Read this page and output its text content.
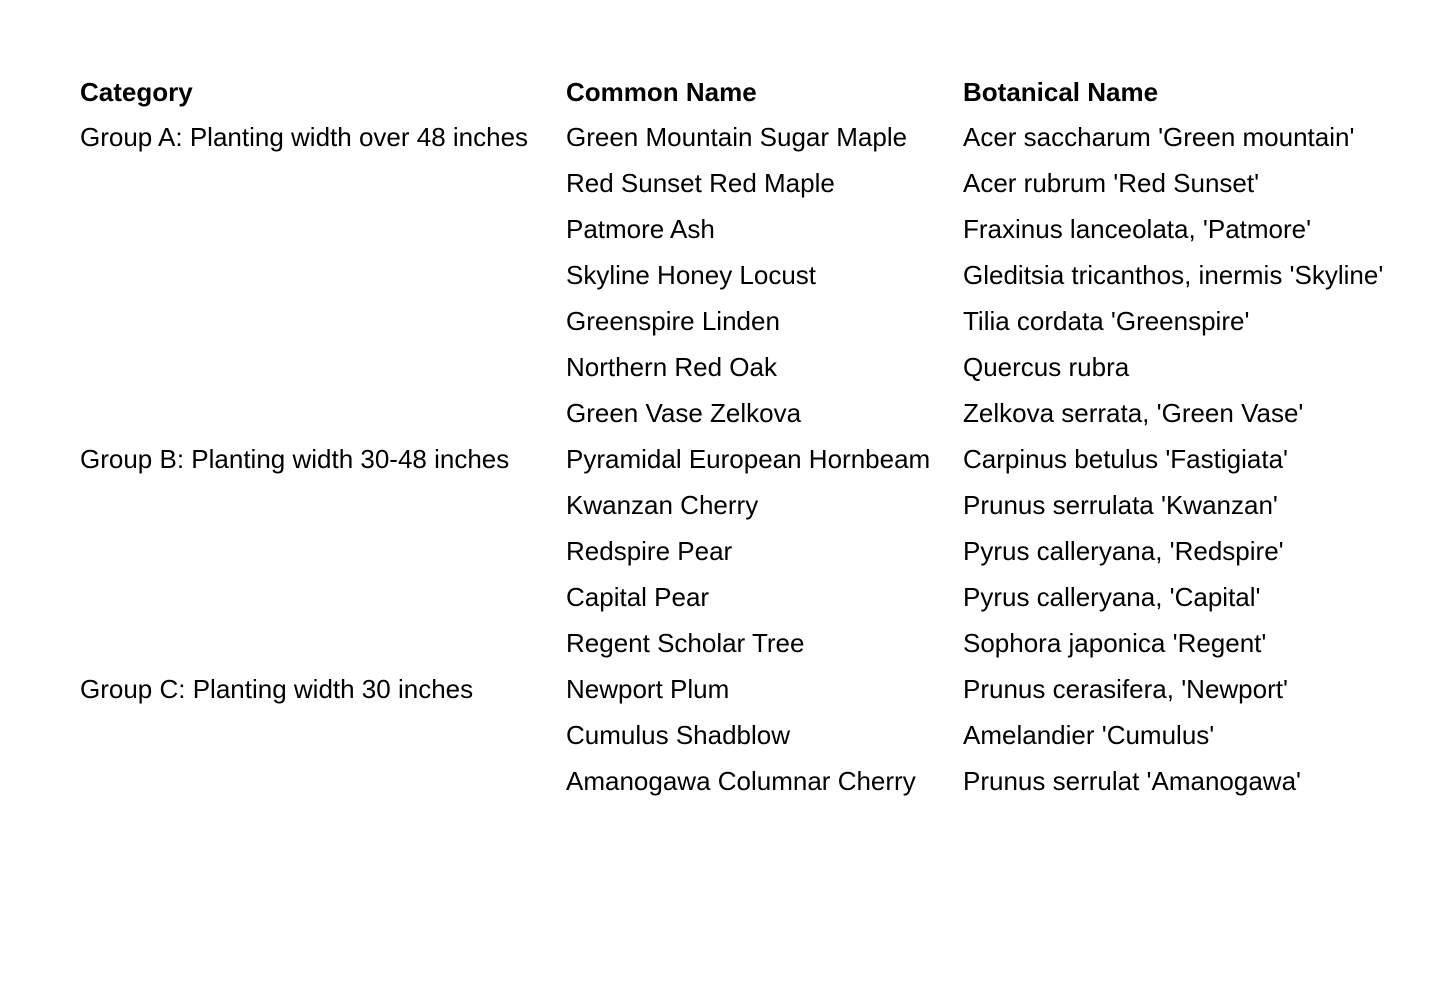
Category	Common Name	Botanical Name
Group A: Planting width over 48 inches	Green Mountain Sugar Maple	Acer saccharum 'Green mountain'
	Red Sunset Red Maple	Acer rubrum 'Red Sunset'
	Patmore Ash	Fraxinus lanceolata, 'Patmore'
	Skyline Honey Locust	Gleditsia tricanthos, inermis 'Skyline'
	Greenspire Linden	Tilia cordata 'Greenspire'
	Northern Red Oak	Quercus rubra
	Green Vase Zelkova	Zelkova serrata, 'Green Vase'
Group B: Planting width 30-48 inches	Pyramidal European Hornbeam	Carpinus betulus 'Fastigiata'
	Kwanzan Cherry	Prunus serrulata 'Kwanzan'
	Redspire Pear	Pyrus calleryana, 'Redspire'
	Capital Pear	Pyrus calleryana, 'Capital'
	Regent Scholar Tree	Sophora japonica 'Regent'
Group C: Planting width 30 inches	Newport Plum	Prunus cerasifera, 'Newport'
	Cumulus Shadblow	Amelandier 'Cumulus'
	Amanogawa Columnar Cherry	Prunus serrulat 'Amanogawa'
